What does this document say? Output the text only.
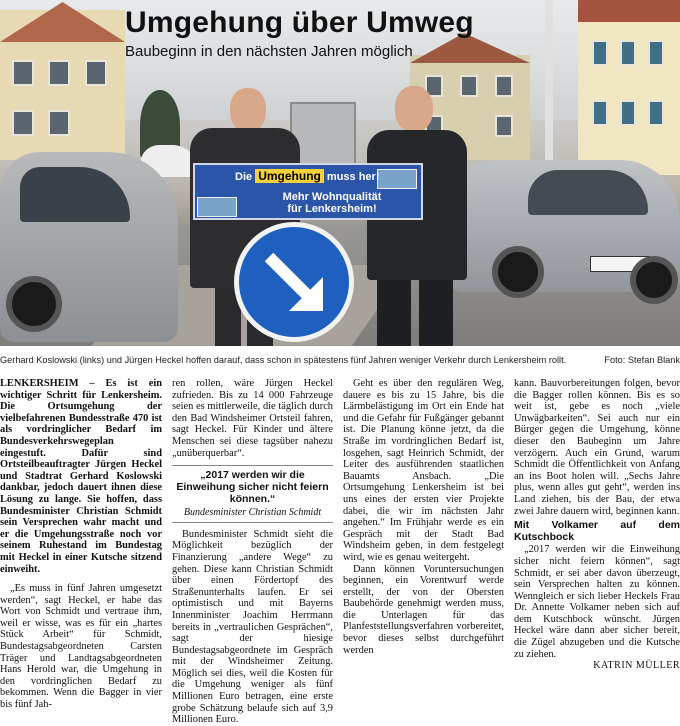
Die Umgehung muss her!
Mehr Wohnqualität
für Lenkersheim!
Umgehung über Umweg
Baubeginn in den nächsten Jahren möglich
Gerhard Koslowski (links) und Jürgen Heckel hoffen darauf, dass schon in spätestens fünf Jahren weniger Verkehr durch Lenkersheim rollt.	Foto: Stefan Blank

LENKERSHEIM – Es ist ein wichtiger Schritt für Lenkersheim. Die Ortsumgehung der vielbefahrenen Bundesstraße 470 ist als vordringlicher Bedarf im Bundesverkehrswegeplan eingestuft. Dafür sind Ortsteilbeauftragter Jürgen Heckel und Stadtrat Gerhard Koslowski dankbar, jedoch dauert ihnen diese Lösung zu lange. Sie hoffen, dass Bundesminister Christian Schmidt sein Versprechen wahr macht und er die Umgehungsstraße noch vor seinem Ruhestand im Bundestag mit Heckel in einer Kutsche sitzend einweiht.

„Es muss in fünf Jahren umgesetzt werden“, sagt Heckel, er habe das Wort von Schmidt und vertraue ihm, weil er wisse, was es für ein „hartes Stück Arbeit“ für Schmidt, Bundestagsabgeordneten Carsten Träger und Landtagsabgeordneten Hans Herold war, die Umgehung in den vordringlichen Bedarf zu bekommen. Wenn die Bagger in vier bis fünf Jah-

ren rollen, wäre Jürgen Heckel zufrieden. Bis zu 14 000 Fahrzeuge seien es mittlerweile, die täglich durch den Bad Windsheimer Ortsteil fahren, sagt Heckel. Für Kinder und ältere Menschen sei diese tagsüber nahezu „unüberquerbar“.

„2017 werden wir die Einweihung sicher nicht feiern können.“
Bundesminister Christian Schmidt

Bundesminister Schmidt sieht die Möglichkeit bezüglich der Finanzierung „andere Wege“ zu gehen. Diese kann Christian Schmidt über einen Fördertopf des Straßenunterhalts laufen. Er sei optimistisch und mit Bayerns Innenminister Joachim Herrmann bereits in „vertraulichen Gesprächen“, sagt der hiesige Bundestagsabgeordnete im Gespräch mit der Windsheimer Zeitung. Möglich sei dies, weil die Kosten für die Umgehung weniger als fünf Millionen Euro betragen, eine erste grobe Schätzung belaufe sich auf 3,9 Millionen Euro.

Geht es über den regulären Weg, dauere es bis zu 15 Jahre, bis die Lärmbelästigung im Ort ein Ende hat und die Gefahr für Fußgänger gebannt ist. Die Planung könne jetzt, da die Straße im vordringlichen Bedarf ist, losgehen, sagt Heinrich Schmidt, der Leiter des ausführenden staatlichen Bauamts Ansbach. „Die Ortsumgehung Lenkersheim ist bei uns eines der ersten vier Projekte dabei, die wir im nächsten Jahr angehen.“ Im Frühjahr werde es ein Gespräch mit der Stadt Bad Windsheim geben, in dem festgelegt wird, wie es genau weitergeht.

Dann können Voruntersuchungen beginnen, ein Vorentwurf werde erstellt, der von der Obersten Baubehörde genehmigt werden muss, die Unterlagen für das Planfeststellungsverfahren vorbereitet, bevor dieses selbst durchgeführt werden

kann. Bauvorbereitungen folgen, bevor die Bagger rollen können. Bis es so weit ist, gebe es noch „viele Unwägbarkeiten“. Sei auch nur ein Bürger gegen die Umgehung, könne dieser den Baubeginn um Jahre verzögern. Auch ein Grund, warum Schmidt die Öffentlichkeit von Anfang an ins Boot holen will. „Sechs Jahre plus, wenn alles gut geht“, werden ins Land ziehen, bis der Bau, der etwa zwei Jahre dauern wird, beginnen kann.

Mit Volkamer auf dem Kutschbock

„2017 werden wir die Einweihung sicher nicht feiern können“, sagt Schmidt, er sei aber davon überzeugt, sein Versprechen halten zu können. Wenngleich er sich lieber Heckels Frau Dr. Annette Volkamer neben sich auf dem Kutschbock wünscht. Jürgen Heckel wäre dann aber sicher bereit, die Zügel abzugeben und die Kutsche zu ziehen.

KATRIN MÜLLER
